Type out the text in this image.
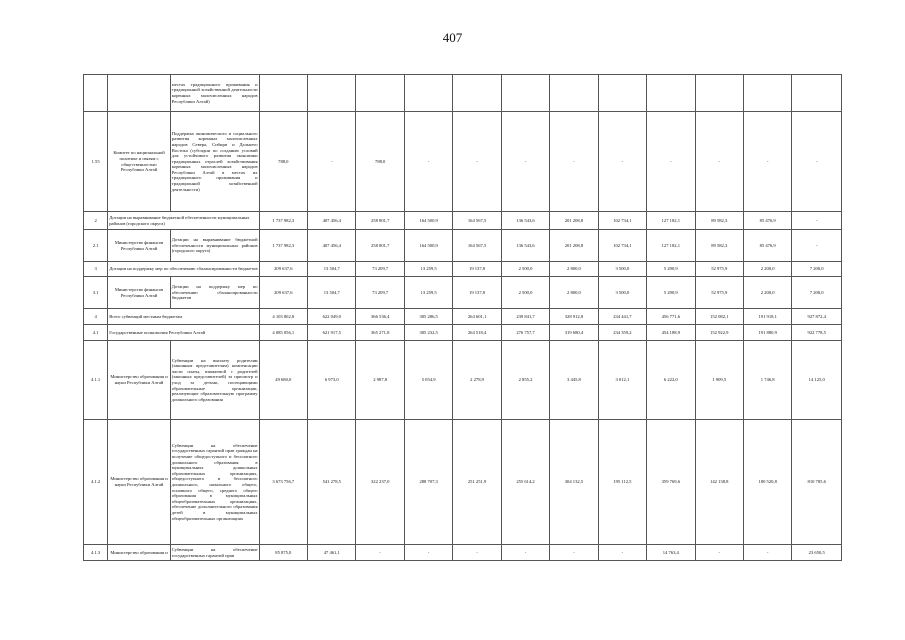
407
		местах традиционного проживания и традиционной хозяйственной деятельности коренных малочисленных народов Республики Алтай)												
1.55	Комитет по национальной политике и связям с общественностью Республики Алтай	Поддержка экономического и социального развития коренных малочисленных народов Севера, Сибири и Дальнего Востока (субсидии по созданию условий для устойчивого развития экономики традиционных отраслей хозяйствования коренных малочисленных народов Республики Алтай в местах их традиционного проживания и традиционной хозяйственной деятельности)	788,0	-	788,0	-	-	-	-	-	-	-	-	-
2	Дотации на выравнивание бюджетной обеспеченности муниципальных районов (городского округа)		1 737 982,3	407 456,4	258 801,7	164 500,9	164 567,5	136 543,6	201 208,8	102 734,1	127 182,1	89 582,3	85 476,9	-
2.1	Министерство финансов Республики Алтай	Дотации на выравнивание бюджетной обеспеченности муниципальных районов (городского округа)	1 737 982,3	407 456,4	258 801,7	164 500,9	164 567,5	136 543,6	201 208,8	102 734,1	127 182,1	89 582,3	85 476,9	-
3	Дотации на поддержку мер по обеспечению сбалансированности бюджетов		209 637,6	13 504,7	73 209,7	13 259,5	19 137,8	2 500,0	2 800,0	3 500,0	5 290,9	52 975,9	2 200,0	7 200,0
3.1	Министерство финансов Республики Алтай	Дотации на поддержку мер по обеспечению сбалансированности бюджетов	209 637,6	13 504,7	73 209,7	13 259,5	19 137,8	2 500,0	2 800,0	3 500,0	5 290,9	52 975,9	2 200,0	7 200,0
4	Всего субвенций местным бюджетам		4 103 802,8	622 049,0	366 536,4	305 286,5	264 601,1	239 841,7	328 912,8	234 441,7	456 771,6	152 082,1	191 918,1	927 872,4
4.1	Государственные полномочия Республики Алтай		4 085 056,1	621 917,5	365 271,8	305 232,5	264 518,4	276 757,7	319 680,4	234 359,2	454 188,9	152 922,9	191 880,9	922 778,5
4.1.1	Министерство образования и науки Республики Алтай	Субвенции на выплату родителям (законным представителям) компенсации части платы, взимаемой с родителей (законных представителей) за присмотр и уход за детьми, посещающими образовательные организации, реализующие образовательную программу дошкольного образования	49 680,0	6 973,0	2 987,8	5 054,9	2 278,9	2 855,2	3 445,8	3 012,1	6 222,0	1 909,5	1 746,8	14 125,0
4.1.2	Министерство образования и науки Республики Алтай	Субвенции на обеспечение государственных гарантий прав граждан на получение общедоступного и бесплатного дошкольного образования в муниципальных дошкольных образовательных организациях, общедоступного и бесплатного дошкольного, начального общего, основного общего, среднего общего образования в муниципальных общеобразовательных организациях, обеспечение дополнительного образования детей в муниципальных общеобразовательных организациях	3 673 756,7	541 278,5	322 237,0	288 707,3	251 251,9	255 614,2	304 132,5	195 112,5	359 769,6	142 138,8	180 520,8	810 785,6
4.1.3	Министерство образования и	Субвенции на обеспечение государственных гарантий прав	85 875,0	47 461,1	-	-	-	-	-	-	14 763,4	-	-	23 650,5
